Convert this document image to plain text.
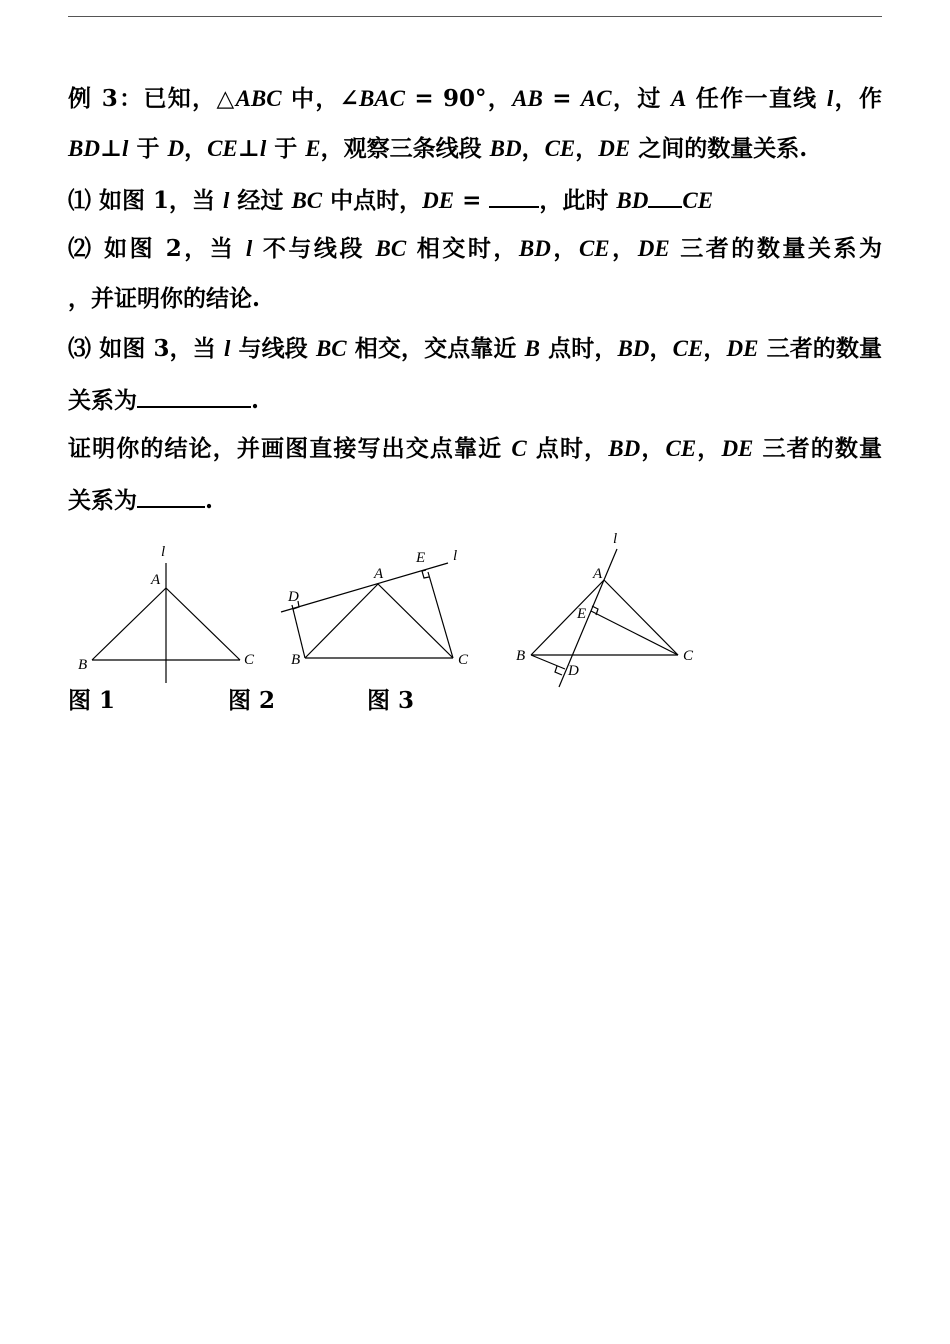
例 3：已知，△ABC 中，∠BAC = 90°，AB = AC，过 A 任作一直线 l，作
BD⊥l 于 D，CE⊥l 于 E，观察三条线段 BD，CE，DE 之间的数量关系.
⑴ 如图 1，当 l 经过 BC 中点时，DE = ，此时 BD CE
⑵ 如图 2，当 l 不与线段 BC 相交时，BD，CE，DE 三者的数量关系为
，并证明你的结论.
⑶ 如图 3，当 l 与线段 BC 相交，交点靠近 B 点时，BD，CE，DE 三者的数量
关系为	.
证明你的结论，并画图直接写出交点靠近 C 点时，BD，CE，DE 三者的数量
关系为	.
l
A
B	C
l
E
A
D
B	C
l
A
E
B	C
D
图 1	图 2	图 3
